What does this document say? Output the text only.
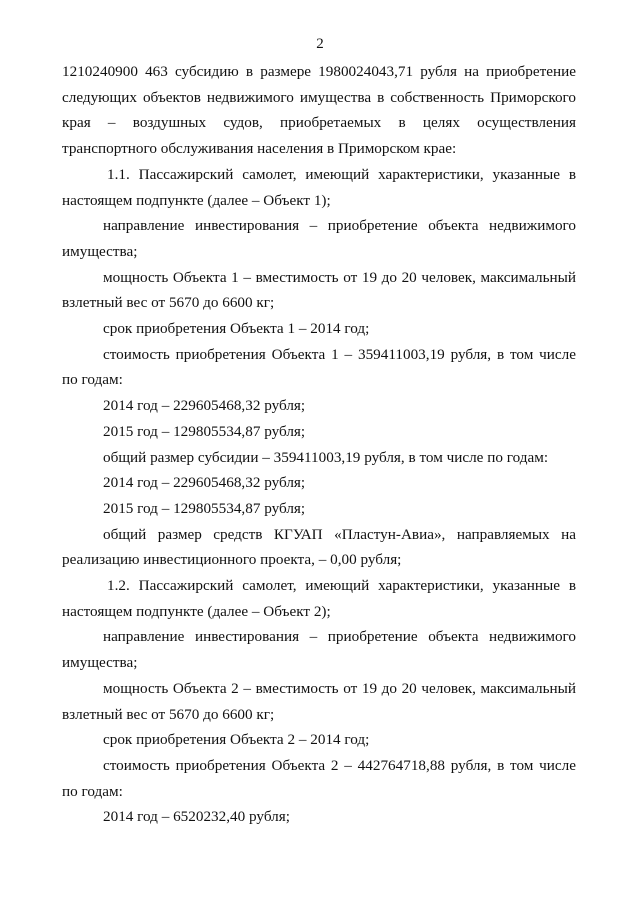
2

1210240900 463 субсидию в размере 1980024043,71 рубля на приобретение следующих объектов недвижимого имущества в собственность Приморского края – воздушных судов, приобретаемых в целях осуществления транспортного обслуживания населения в Приморском крае:

1.1. Пассажирский самолет, имеющий характеристики, указанные в настоящем подпункте (далее – Объект 1);

направление инвестирования – приобретение объекта недвижимого имущества;

мощность Объекта 1 – вместимость от 19 до 20 человек, максимальный взлетный вес от 5670 до 6600 кг;

срок приобретения Объекта 1 – 2014 год;

стоимость приобретения Объекта 1 – 359411003,19 рубля, в том числе по годам:

2014 год – 229605468,32 рубля;

2015 год – 129805534,87 рубля;

общий размер субсидии – 359411003,19 рубля, в том числе по годам:

2014 год – 229605468,32 рубля;

2015 год – 129805534,87 рубля;

общий размер средств КГУАП «Пластун-Авиа», направляемых на реализацию инвестиционного проекта, – 0,00 рубля;

1.2. Пассажирский самолет, имеющий характеристики, указанные в настоящем подпункте (далее – Объект 2);

направление инвестирования – приобретение объекта недвижимого имущества;

мощность Объекта 2 – вместимость от 19 до 20 человек, максимальный взлетный вес от 5670 до 6600 кг;

срок приобретения Объекта 2 – 2014 год;

стоимость приобретения Объекта 2 – 442764718,88 рубля, в том числе по годам:

2014 год – 6520232,40 рубля;
